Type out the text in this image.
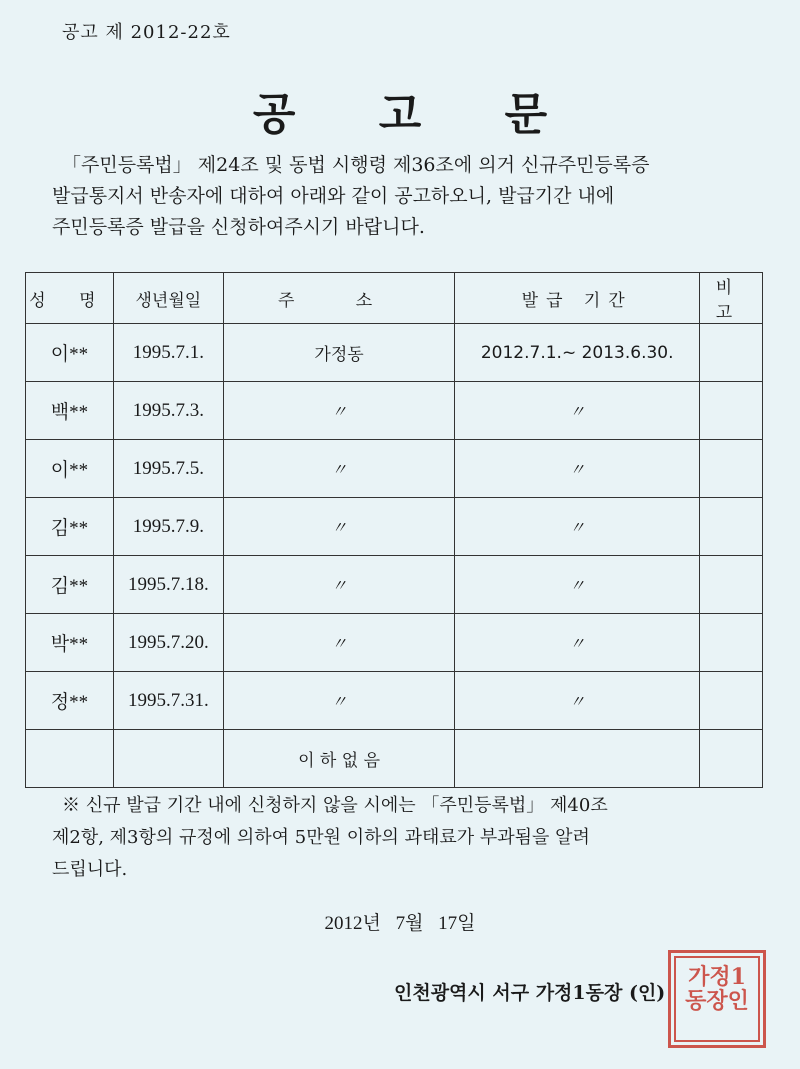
공고 제 2012-22호
공 고 문

「주민등록법」 제24조 및 동법 시행령 제36조에 의거 신규주민등록증

발급통지서 반송자에 대하여 아래와 같이 공고하오니, 발급기간 내에

주민등록증 발급을 신청하여주시기 바랍니다.

성 명	생년월일	주 소	발급 기간	비 고
이**	1995.7.1.	가정동	2012.7.1.~ 2013.6.30.	
백**	1995.7.3.	〃	〃	
이**	1995.7.5.	〃	〃	
김**	1995.7.9.	〃	〃	
김**	1995.7.18.	〃	〃	
박**	1995.7.20.	〃	〃	
정**	1995.7.31.	〃	〃	
		이 하 없 음		

※ 신규 발급 기간 내에 신청하지 않을 시에는 「주민등록법」 제40조

제2항, 제3항의 규정에 의하여 5만원 이하의 과태료가 부과됨을 알려

드립니다.

2012년 7월 17일
인천광역시 서구 가정1동장 (인)
가정1동장인
